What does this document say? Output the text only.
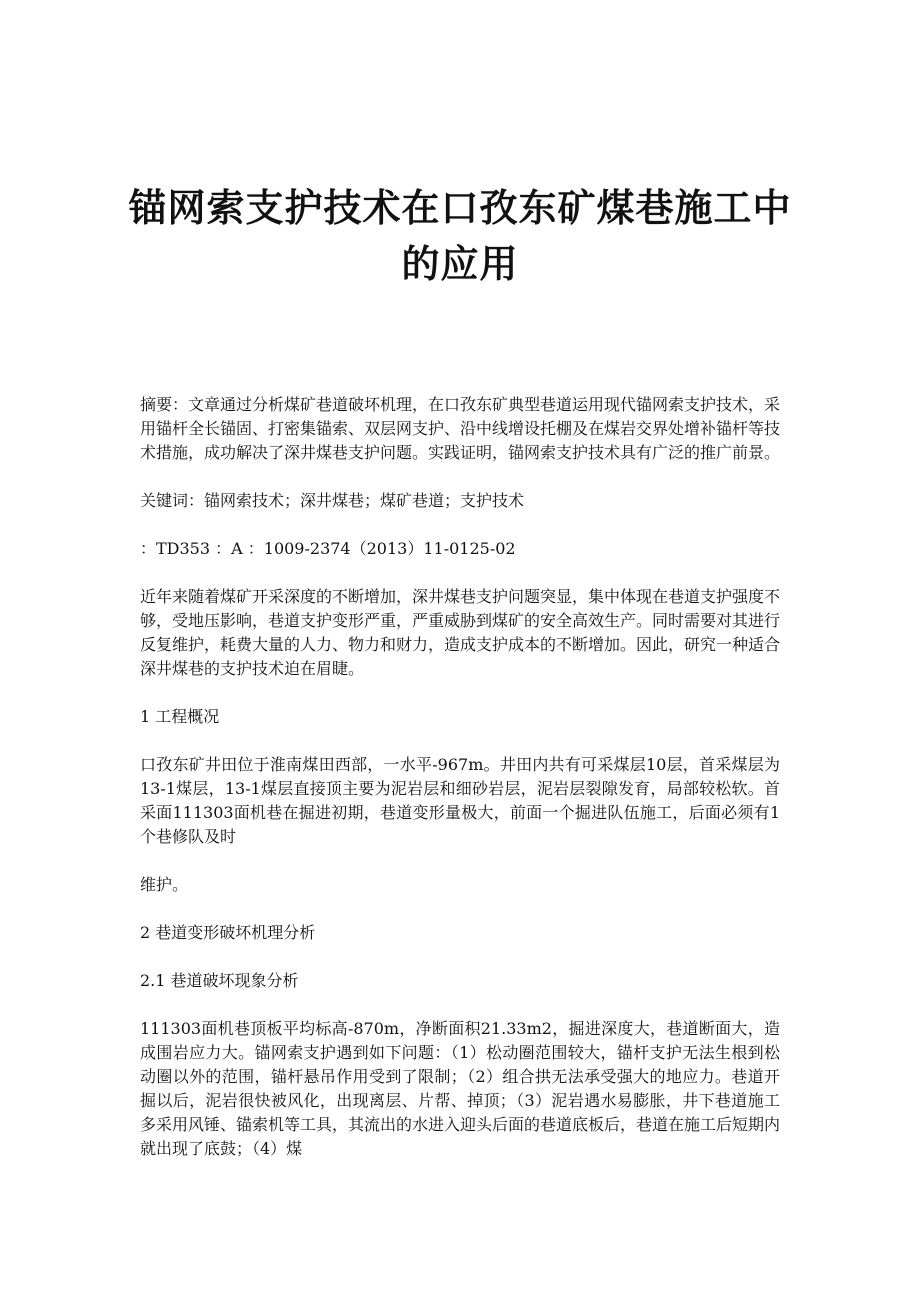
锚网索支护技术在口孜东矿煤巷施工中的应用

摘要：文章通过分析煤矿巷道破坏机理，在口孜东矿典型巷道运用现代锚网索支护技术，采用锚杆全长锚固、打密集锚索、双层网支护、沿中线增设托棚及在煤岩交界处增补锚杆等技术措施，成功解决了深井煤巷支护问题。实践证明，锚网索支护技术具有广泛的推广前景。

关键词：锚网索技术；深井煤巷；煤矿巷道；支护技术

：TD353 ：A ：1009-2374（2013）11-0125-02

近年来随着煤矿开采深度的不断增加，深井煤巷支护问题突显，集中体现在巷道支护强度不够，受地压影响，巷道支护变形严重，严重威胁到煤矿的安全高效生产。同时需要对其进行反复维护，耗费大量的人力、物力和财力，造成支护成本的不断增加。因此，研究一种适合深井煤巷的支护技术迫在眉睫。

1 工程概况

口孜东矿井田位于淮南煤田西部，一水平-967m。井田内共有可采煤层10层，首采煤层为13-1煤层，13-1煤层直接顶主要为泥岩层和细砂岩层，泥岩层裂隙发育，局部较松软。首采面111303面机巷在掘进初期，巷道变形量极大，前面一个掘进队伍施工，后面必须有1个巷修队及时

维护。

2 巷道变形破坏机理分析

2.1 巷道破坏现象分析

111303面机巷顶板平均标高-870m，净断面积21.33m2，掘进深度大，巷道断面大，造成围岩应力大。锚网索支护遇到如下问题：（1）松动圈范围较大，锚杆支护无法生根到松动圈以外的范围，锚杆悬吊作用受到了限制；（2）组合拱无法承受强大的地应力。巷道开掘以后，泥岩很快被风化，出现离层、片帮、掉顶；（3）泥岩遇水易膨胀，井下巷道施工多采用风锤、锚索机等工具，其流出的水进入迎头后面的巷道底板后，巷道在施工后短期内就出现了底鼓；（4）煤
